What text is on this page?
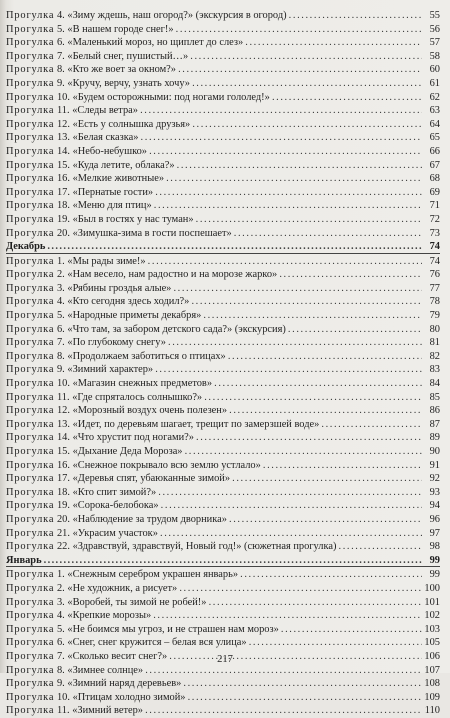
Прогулка 4. «Зиму ждешь, наш огород?» (экскурсия в огород) . . .	55
Прогулка 5. «В нашем городе снег!» . . .	56
Прогулка 6. «Маленький мороз, но щиплет до слез» . . .	57
Прогулка 7. «Белый снег, пушистый…» . . .	58
Прогулка 8. «Кто же воет за окном?» . . .	60
Прогулка 9. «Кручу, верчу, узнать хочу» . . .	61
Прогулка 10. «Будем осторожными: под ногами гололед!» . . .	62
Прогулка 11. «Следы ветра» . . .	63
Прогулка 12. «Есть у солнышка друзья» . . .	64
Прогулка 13. «Белая сказка» . . .	65
Прогулка 14. «Небо-небушко» . . .	66
Прогулка 15. «Куда летите, облака?» . . .	67
Прогулка 16. «Мелкие животные» . . .	68
Прогулка 17. «Пернатые гости» . . .	69
Прогулка 18. «Меню для птиц» . . .	71
Прогулка 19. «Был в гостях у нас туман» . . .	72
Прогулка 20. «Зимушка-зима в гости поспешает» . . .	73
Декабрь . . .	74
Прогулка 1. «Мы рады зиме!» . . .	74
Прогулка 2. «Нам весело, нам радостно и на морозе жарко» . . .	76
Прогулка 3. «Рябины гроздья алые» . . .	77
Прогулка 4. «Кто сегодня здесь ходил?» . . .	78
Прогулка 5. «Народные приметы декабря» . . .	79
Прогулка 6. «Что там, за забором детского сада?» (экскурсия) . . .	80
Прогулка 7. «По глубокому снегу» . . .	81
Прогулка 8. «Продолжаем заботиться о птицах» . . .	82
Прогулка 9. «Зимний характер» . . .	83
Прогулка 10. «Магазин снежных предметов» . . .	84
Прогулка 11. «Где спряталось солнышко?» . . .	85
Прогулка 12. «Морозный воздух очень полезен» . . .	86
Прогулка 13. «Идет, по деревьям шагает, трещит по замерзшей воде» . . .	87
Прогулка 14. «Что хрустит под ногами?» . . .	89
Прогулка 15. «Дыхание Деда Мороза» . . .	90
Прогулка 16. «Снежное покрывало всю землю устлало» . . .	91
Прогулка 17. «Деревья спят, убаюканные зимой» . . .	92
Прогулка 18. «Кто спит зимой?» . . .	93
Прогулка 19. «Сорока-белобока» . . .	94
Прогулка 20. «Наблюдение за трудом дворника» . . .	96
Прогулка 21. «Украсим участок» . . .	97
Прогулка 22. «Здравствуй, здравствуй, Новый год!» (сюжетная прогулка) . . .	98
Январь . . .	99
Прогулка 1. «Снежным серебром украшен январь» . . .	99
Прогулка 2. «Не художник, а рисует» . . .	100
Прогулка 3. «Воробей, ты зимой не робей!» . . .	101
Прогулка 4. «Крепкие морозы» . . .	102
Прогулка 5. «Не боимся мы угроз, и не страшен нам мороз» . . .	103
Прогулка 6. «Снег, снег кружится – белая вся улица» . . .	105
Прогулка 7. «Сколько весит снег?» . . .	106
Прогулка 8. «Зимнее солнце» . . .	107
Прогулка 9. «Зимний наряд деревьев» . . .	108
Прогулка 10. «Птицам холодно зимой» . . .	109
Прогулка 11. «Зимний ветер» . . .	110
217
